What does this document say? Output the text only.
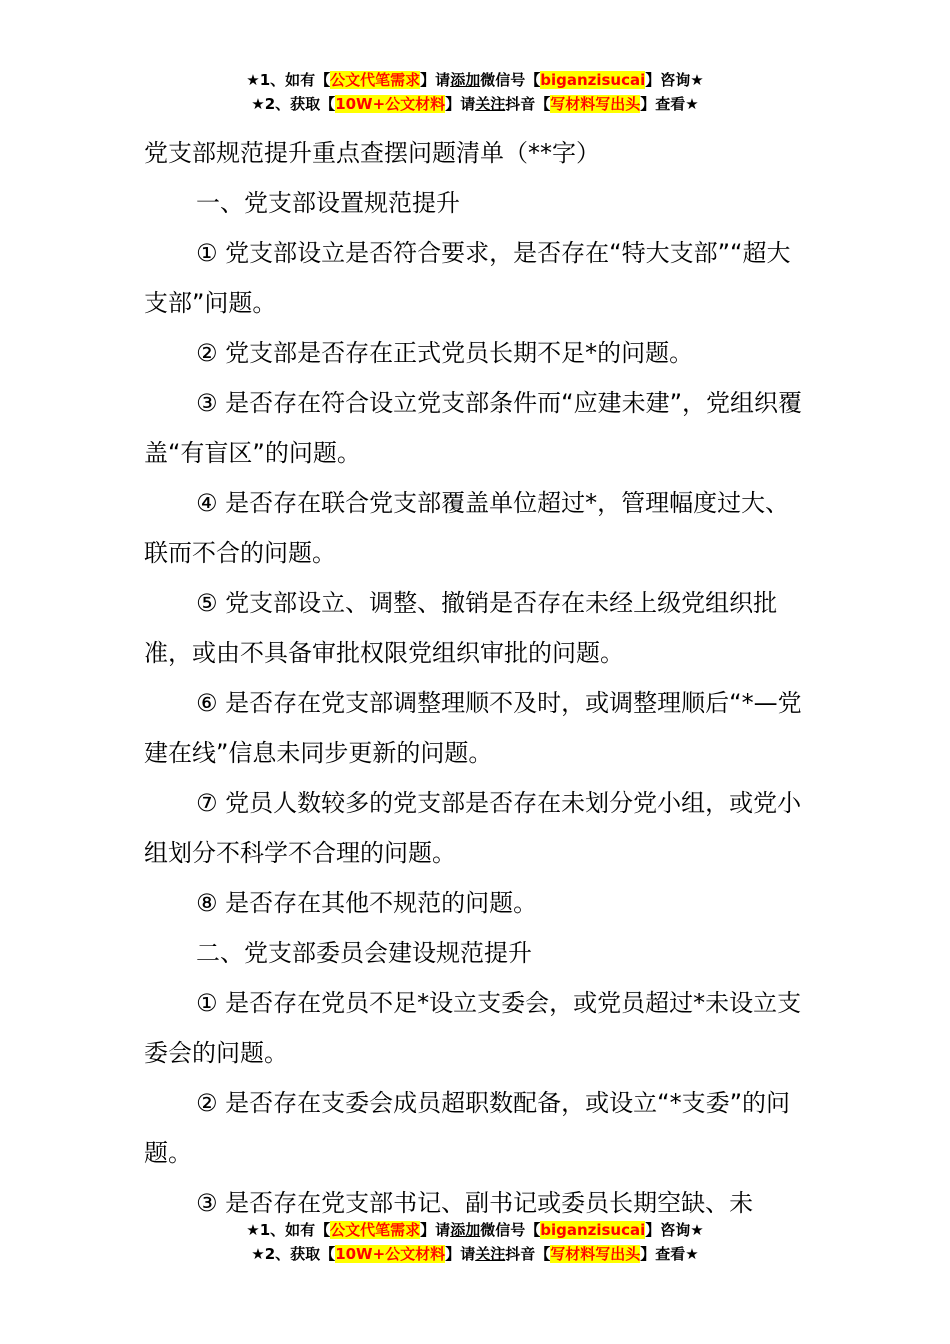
★1、如有【公文代笔需求】请添加微信号【biganzisucai】咨询★
★2、获取【10W+公文材料】请关注抖音【写材料写出头】查看★

党支部规范提升重点查摆问题清单（**字）

一、党支部设置规范提升

① 党支部设立是否符合要求，是否存在“特大支部”“超大支部”问题。

② 党支部是否存在正式党员长期不足*的问题。

③ 是否存在符合设立党支部条件而“应建未建”，党组织覆盖“有盲区”的问题。

④ 是否存在联合党支部覆盖单位超过*，管理幅度过大、联而不合的问题。

⑤ 党支部设立、调整、撤销是否存在未经上级党组织批准，或由不具备审批权限党组织审批的问题。

⑥ 是否存在党支部调整理顺不及时，或调整理顺后“*—党建在线”信息未同步更新的问题。

⑦ 党员人数较多的党支部是否存在未划分党小组，或党小组划分不科学不合理的问题。

⑧ 是否存在其他不规范的问题。

二、党支部委员会建设规范提升

① 是否存在党员不足*设立支委会，或党员超过*未设立支委会的问题。

② 是否存在支委会成员超职数配备，或设立“*支委”的问题。

③ 是否存在党支部书记、副书记或委员长期空缺、未

★1、如有【公文代笔需求】请添加微信号【biganzisucai】咨询★
★2、获取【10W+公文材料】请关注抖音【写材料写出头】查看★
